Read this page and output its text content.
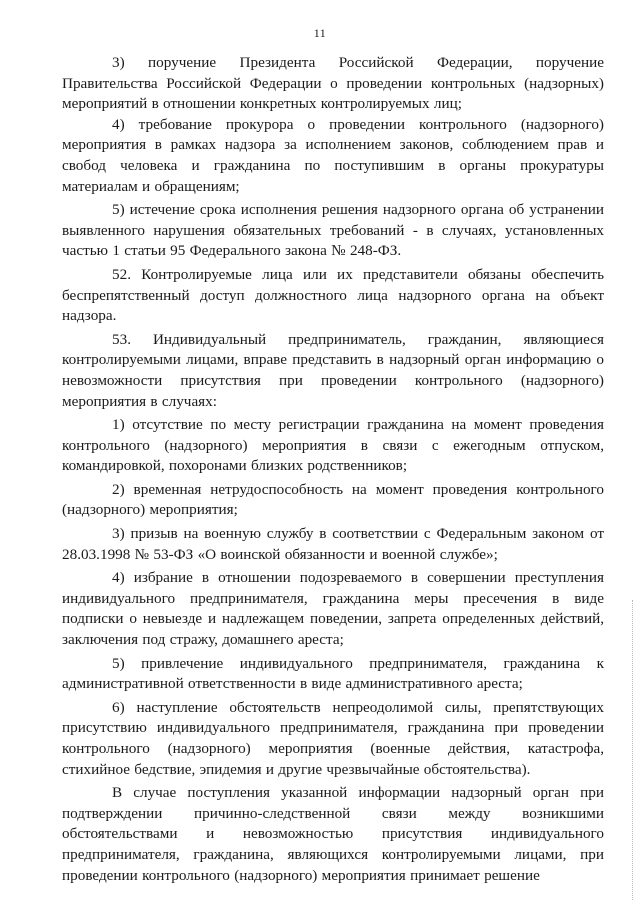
11

3) поручение Президента Российской Федерации, поручение Правительства Российской Федерации о проведении контрольных (надзорных) мероприятий в отношении конкретных контролируемых лиц;

4) требование прокурора о проведении контрольного (надзорного) мероприятия в рамках надзора за исполнением законов, соблюдением прав и свобод человека и гражданина по поступившим в органы прокуратуры материалам и обращениям;

5) истечение срока исполнения решения надзорного органа об устранении выявленного нарушения обязательных требований - в случаях, установленных частью 1 статьи 95 Федерального закона № 248-ФЗ.

52. Контролируемые лица или их представители обязаны обеспечить беспрепятственный доступ должностного лица надзорного органа на объект надзора.

53. Индивидуальный предприниматель, гражданин, являющиеся контролируемыми лицами, вправе представить в надзорный орган информацию о невозможности присутствия при проведении контрольного (надзорного) мероприятия в случаях:

1) отсутствие по месту регистрации гражданина на момент проведения контрольного (надзорного) мероприятия в связи с ежегодным отпуском, командировкой, похоронами близких родственников;

2) временная нетрудоспособность на момент проведения контрольного (надзорного) мероприятия;

3) призыв на военную службу в соответствии с Федеральным законом от 28.03.1998 № 53-ФЗ «О воинской обязанности и военной службе»;

4) избрание в отношении подозреваемого в совершении преступления индивидуального предпринимателя, гражданина меры пресечения в виде подписки о невыезде и надлежащем поведении, запрета определенных действий, заключения под стражу, домашнего ареста;

5) привлечение индивидуального предпринимателя, гражданина к административной ответственности в виде административного ареста;

6) наступление обстоятельств непреодолимой силы, препятствующих присутствию индивидуального предпринимателя, гражданина при проведении контрольного (надзорного) мероприятия (военные действия, катастрофа, стихийное бедствие, эпидемия и другие чрезвычайные обстоятельства).

В случае поступления указанной информации надзорный орган при подтверждении причинно-следственной связи между возникшими обстоятельствами и невозможностью присутствия индивидуального предпринимателя, гражданина, являющихся контролируемыми лицами, при проведении контрольного (надзорного) мероприятия принимает решение
